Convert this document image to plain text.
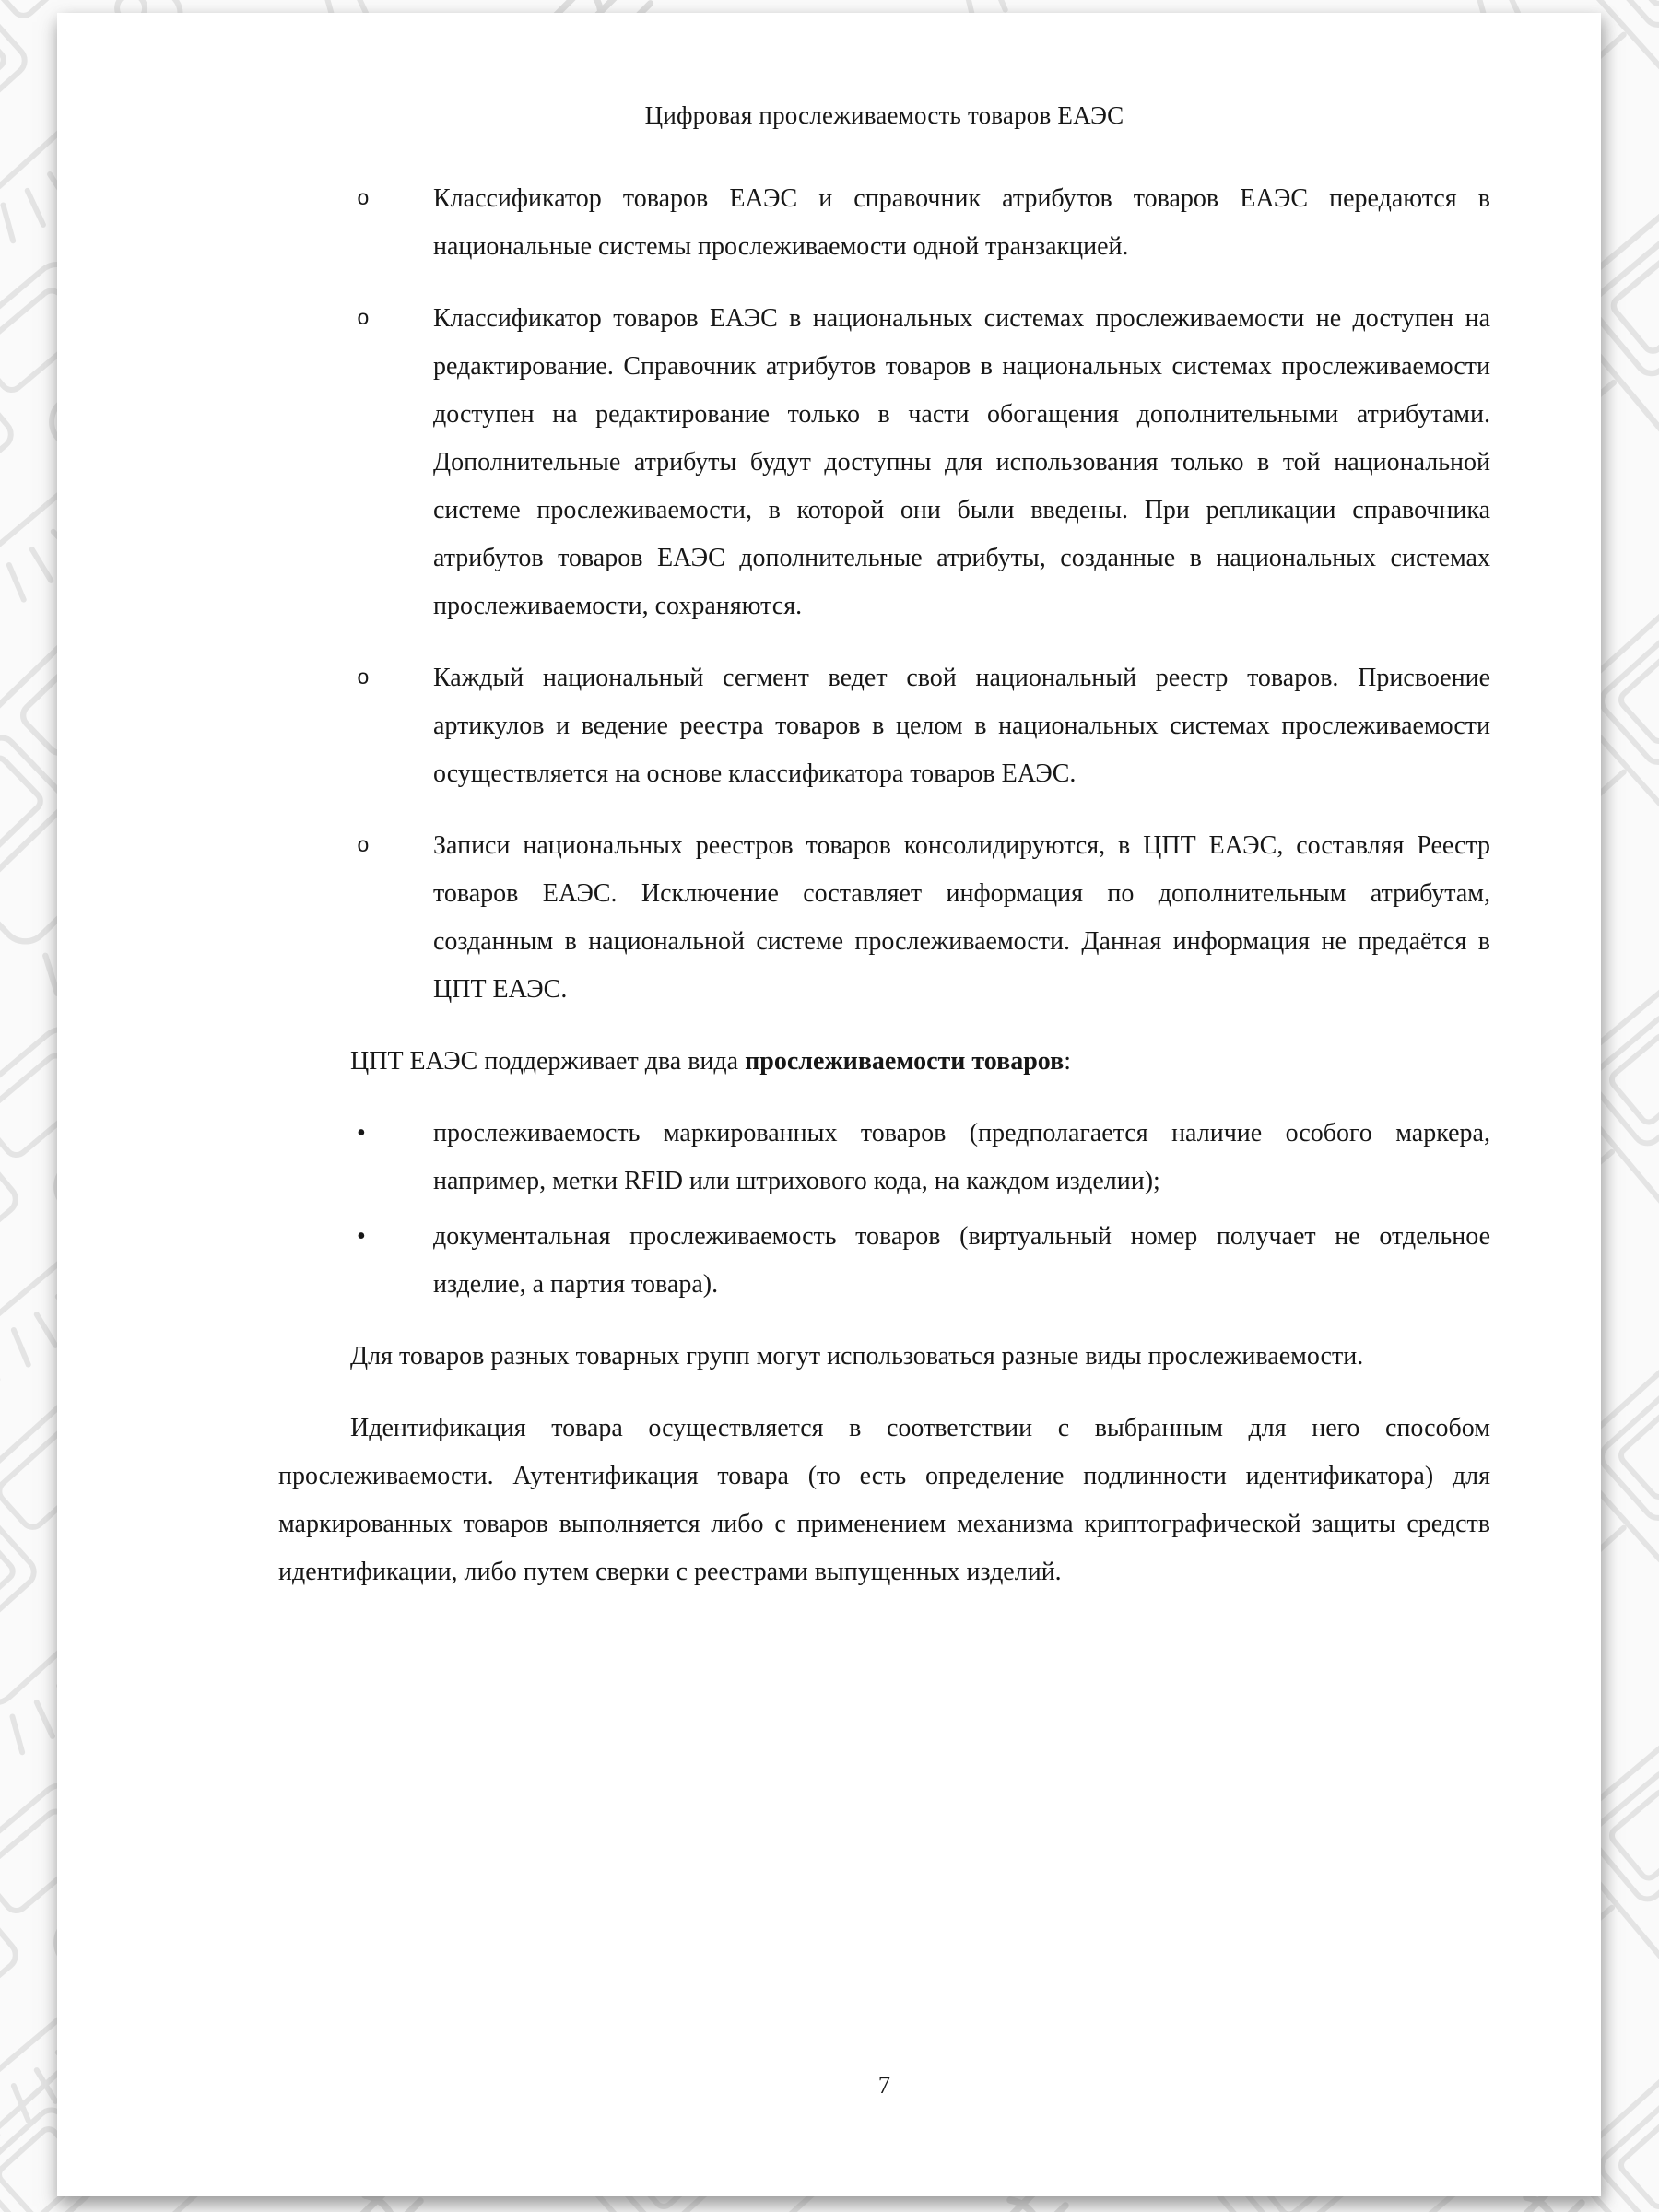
Цифровая прослеживаемость товаров ЕАЭС
o Классификатор товаров ЕАЭС и справочник атрибутов товаров ЕАЭС передаются в национальные системы прослеживаемости одной транзакцией.
o Классификатор товаров ЕАЭС в национальных системах прослеживаемости не доступен на редактирование. Справочник атрибутов товаров в национальных системах прослеживаемости доступен на редактирование только в части обогащения дополнительными атрибутами. Дополнительные атрибуты будут доступны для использования только в той национальной системе прослеживаемости, в которой они были введены. При репликации справочника атрибутов товаров ЕАЭС дополнительные атрибуты, созданные в национальных системах прослеживаемости, сохраняются.
o Каждый национальный сегмент ведет свой национальный реестр товаров. Присвоение артикулов и ведение реестра товаров в целом в национальных системах прослеживаемости осуществляется на основе классификатора товаров ЕАЭС.
o Записи национальных реестров товаров консолидируются, в ЦПТ ЕАЭС, составляя Реестр товаров ЕАЭС. Исключение составляет информация по дополнительным атрибутам, созданным в национальной системе прослеживаемости. Данная информация не предаётся в ЦПТ ЕАЭС.

ЦПТ ЕАЭС поддерживает два вида прослеживаемости товаров:

•	прослеживаемость маркированных товаров (предполагается наличие особого маркера, например, метки RFID или штрихового кода, на каждом изделии);
•	документальная прослеживаемость товаров (виртуальный номер получает не отдельное изделие, а партия товара).

Для товаров разных товарных групп могут использоваться разные виды прослеживаемости.

Идентификация товара осуществляется в соответствии с выбранным для него способом прослеживаемости. Аутентификация товара (то есть определение подлинности идентификатора) для маркированных товаров выполняется либо с применением механизма криптографической защиты средств идентификации, либо путем сверки с реестрами выпущенных изделий.

7
